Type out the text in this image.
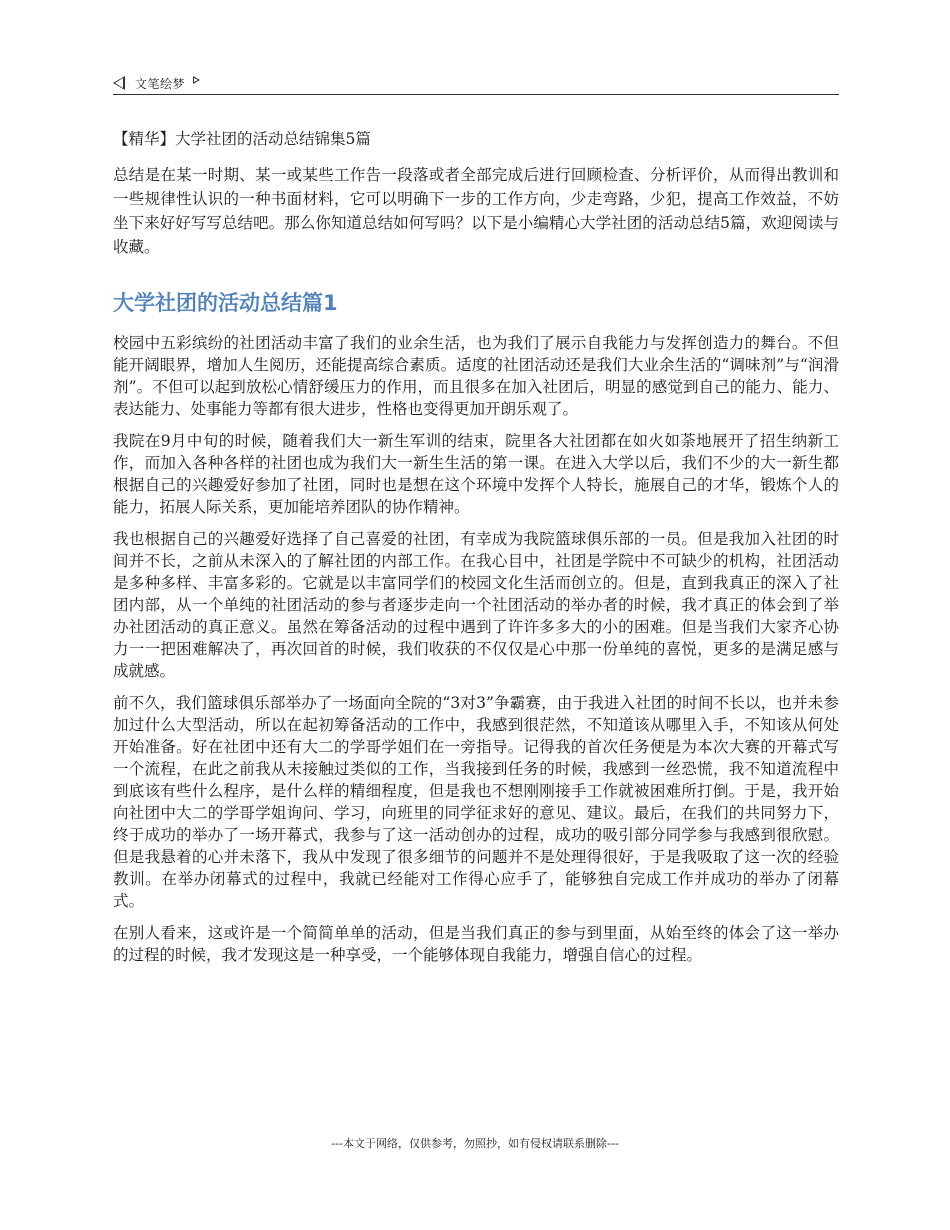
文笔绘梦
【精华】大学社团的活动总结锦集5篇

总结是在某一时期、某一或某些工作告一段落或者全部完成后进行回顾检查、分析评价，从而得出教训和一些规律性认识的一种书面材料，它可以明确下一步的工作方向，少走弯路，少犯，提高工作效益，不妨坐下来好好写写总结吧。那么你知道总结如何写吗？以下是小编精心大学社团的活动总结5篇，欢迎阅读与收藏。

大学社团的活动总结篇1

校园中五彩缤纷的社团活动丰富了我们的业余生活，也为我们了展示自我能力与发挥创造力的舞台。不但能开阔眼界，增加人生阅历，还能提高综合素质。适度的社团活动还是我们大业余生活的“调味剂”与“润滑剂”。不但可以起到放松心情舒缓压力的作用，而且很多在加入社团后，明显的感觉到自己的能力、能力、表达能力、处事能力等都有很大进步，性格也变得更加开朗乐观了。

我院在9月中旬的时候，随着我们大一新生军训的结束，院里各大社团都在如火如荼地展开了招生纳新工作，而加入各种各样的社团也成为我们大一新生生活的第一课。在进入大学以后，我们不少的大一新生都根据自己的兴趣爱好参加了社团，同时也是想在这个环境中发挥个人特长，施展自己的才华，锻炼个人的能力，拓展人际关系，更加能培养团队的协作精神。

我也根据自己的兴趣爱好选择了自己喜爱的社团，有幸成为我院篮球俱乐部的一员。但是我加入社团的时间并不长，之前从未深入的了解社团的内部工作。在我心目中，社团是学院中不可缺少的机构，社团活动是多种多样、丰富多彩的。它就是以丰富同学们的校园文化生活而创立的。但是，直到我真正的深入了社团内部，从一个单纯的社团活动的参与者逐步走向一个社团活动的举办者的时候，我才真正的体会到了举办社团活动的真正意义。虽然在筹备活动的过程中遇到了许许多多大的小的困难。但是当我们大家齐心协力一一把困难解决了，再次回首的时候，我们收获的不仅仅是心中那一份单纯的喜悦，更多的是满足感与成就感。

前不久，我们篮球俱乐部举办了一场面向全院的“3对3”争霸赛，由于我进入社团的时间不长以，也并未参加过什么大型活动，所以在起初筹备活动的工作中，我感到很茫然，不知道该从哪里入手，不知该从何处开始准备。好在社团中还有大二的学哥学姐们在一旁指导。记得我的首次任务便是为本次大赛的开幕式写一个流程，在此之前我从未接触过类似的工作，当我接到任务的时候，我感到一丝恐慌，我不知道流程中到底该有些什么程序，是什么样的精细程度，但是我也不想刚刚接手工作就被困难所打倒。于是，我开始向社团中大二的学哥学姐询问、学习，向班里的同学征求好的意见、建议。最后，在我们的共同努力下，终于成功的举办了一场开幕式，我参与了这一活动创办的过程，成功的吸引部分同学参与我感到很欣慰。但是我悬着的心并未落下，我从中发现了很多细节的问题并不是处理得很好，于是我吸取了这一次的经验教训。在举办闭幕式的过程中，我就已经能对工作得心应手了，能够独自完成工作并成功的举办了闭幕式。

在别人看来，这或许是一个简简单单的活动，但是当我们真正的参与到里面，从始至终的体会了这一举办的过程的时候，我才发现这是一种享受，一个能够体现自我能力，增强自信心的过程。

---本文于网络，仅供参考，勿照抄，如有侵权请联系删除---
